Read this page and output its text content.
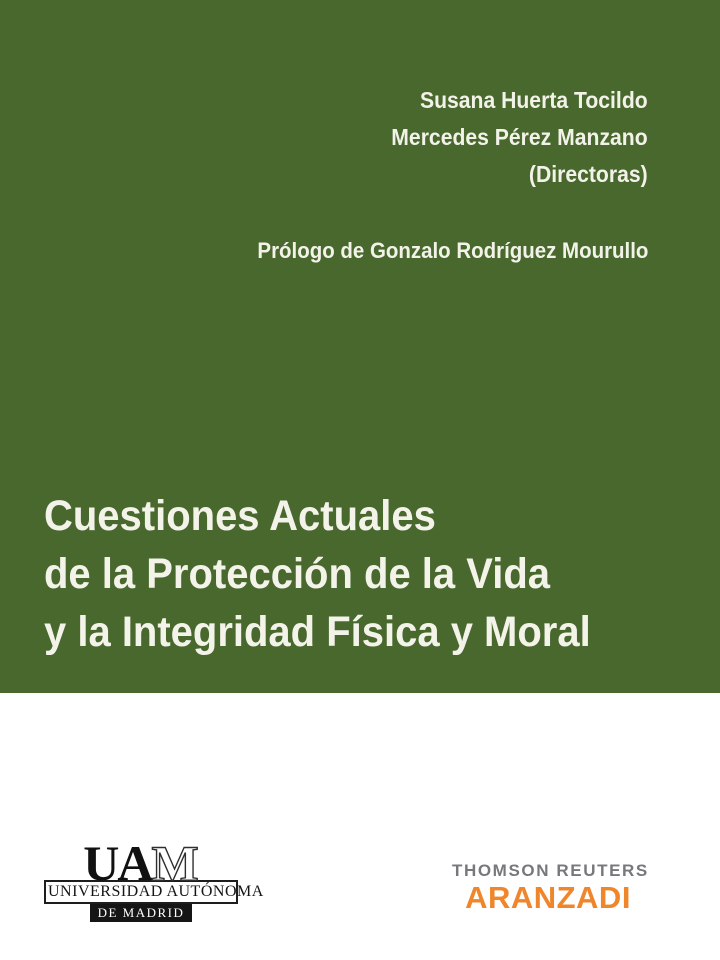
Susana Huerta Tocildo
Mercedes Pérez Manzano
(Directoras)
Prólogo de Gonzalo Rodríguez Mourullo
Cuestiones Actuales
de la Protección de la Vida
y la Integridad Física y Moral
UAM
UNIVERSIDAD AUTÓNOMA
DE MADRID
THOMSON REUTERS
ARANZADI
